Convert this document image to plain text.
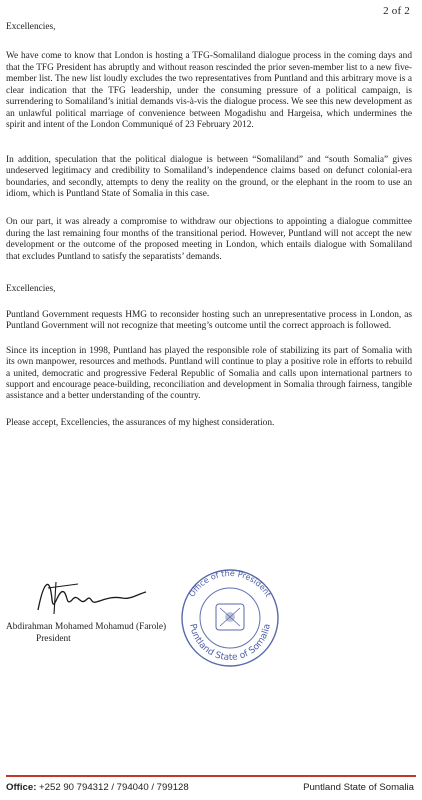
2 of 2

Excellencies,

We have come to know that London is hosting a TFG-Somaliland dialogue process in the coming days and that the TFG President has abruptly and without reason rescinded the prior seven-member list to a new five-member list. The new list loudly excludes the two representatives from Puntland and this arbitrary move is a clear indication that the TFG leadership, under the consuming pressure of a political campaign, is surrendering to Somaliland’s initial demands vis-à-vis the dialogue process. We see this new development as an unlawful political marriage of convenience between Mogadishu and Hargeisa, which undermines the spirit and intent of the London Communiqué of 23 February 2012.

In addition, speculation that the political dialogue is between “Somaliland” and “south Somalia” gives undeserved legitimacy and credibility to Somaliland’s independence claims based on defunct colonial-era boundaries, and secondly, attempts to deny the reality on the ground, or the elephant in the room to use an idiom, which is Puntland State of Somalia in this case.

On our part, it was already a compromise to withdraw our objections to appointing a dialogue committee during the last remaining four months of the transitional period. However, Puntland will not accept the new development or the outcome of the proposed meeting in London, which entails dialogue with Somaliland that excludes Puntland to satisfy the separatists’ demands.

Excellencies,

Puntland Government requests HMG to reconsider hosting such an unrepresentative process in London, as Puntland Government will not recognize that meeting’s outcome until the correct approach is followed.

Since its inception in 1998, Puntland has played the responsible role of stabilizing its part of Somalia with its own manpower, resources and methods. Puntland will continue to play a positive role in efforts to rebuild a united, democratic and progressive Federal Republic of Somalia and calls upon international partners to support and encourage peace-building, reconciliation and development in Somalia through fairness, tangible assistance and a better understanding of the country.

Please accept, Excellencies, the assurances of my highest consideration.

Office of the President
Puntland State of Somalia
Abdirahman Mohamed Mohamud (Farole)
President
Office: +252 90 794312 / 794040 / 799128	Puntland State of Somalia
